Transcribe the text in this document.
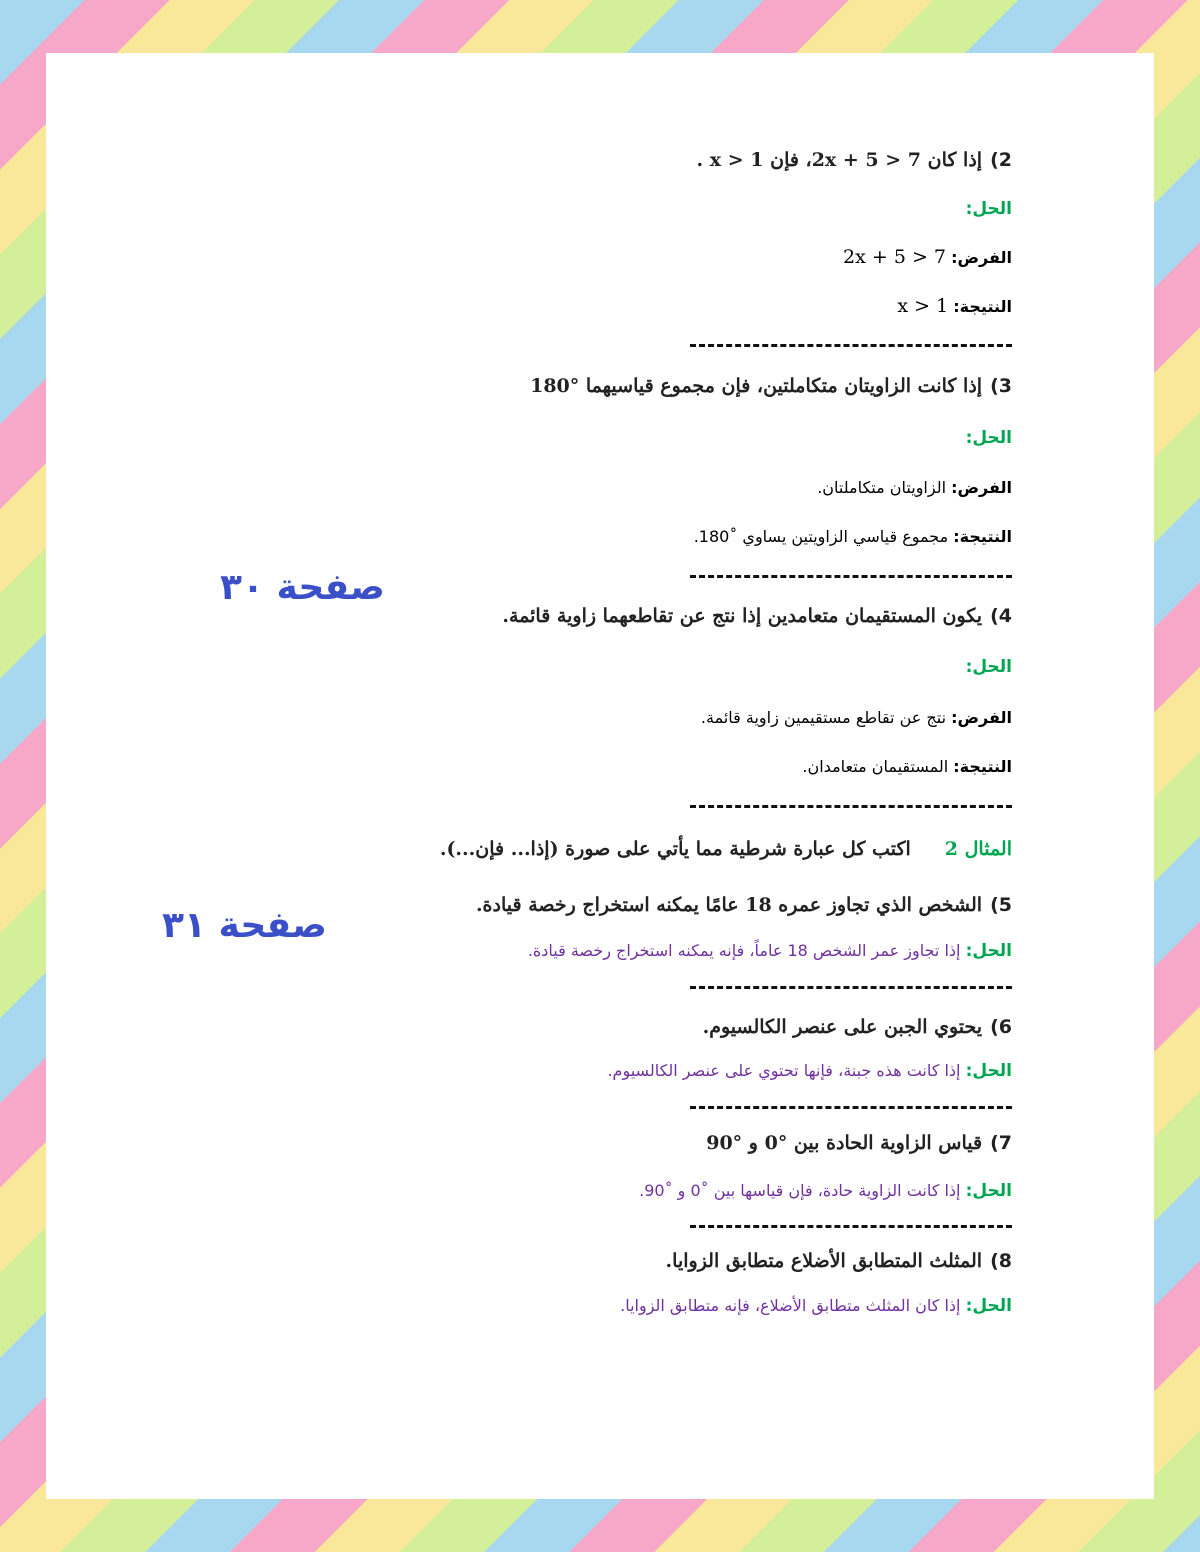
2)إذا كان 7 < 5 + 2x، فإن 1 < x .
الحل:
الفرض: 2x + 5 > 7
النتيجة: x > 1
3)إذا كانت الزاويتان متكاملتين، فإن مجموع قياسيهما °180
الحل:
الفرض: الزاويتان متكاملتان.
النتيجة: مجموع قياسي الزاويتين يساوي ˚180.
4)يكون المستقيمان متعامدين إذا نتج عن تقاطعهما زاوية قائمة.
الحل:
الفرض: نتج عن تقاطع مستقيمين زاوية قائمة.
النتيجة: المستقيمان متعامدان.
المثال 2اكتب كل عبارة شرطية مما يأتي على صورة (إذا... فإن...).
5)الشخص الذي تجاوز عمره 18 عامًا يمكنه استخراج رخصة قيادة.
الحل: إذا تجاوز عمر الشخص 18 عاماً، فإنه يمكنه استخراج رخصة قيادة.
6)يحتوي الجبن على عنصر الكالسيوم.
الحل: إذا كانت هذه جبنة، فإنها تحتوي على عنصر الكالسيوم.
7)قياس الزاوية الحادة بين °0 و °90
الحل: إذا كانت الزاوية حادة، فإن قياسها بين ˚0 و ˚90.
8)المثلث المتطابق الأضلاع متطابق الزوايا.
الحل: إذا كان المثلث متطابق الأضلاع، فإنه متطابق الزوايا.
صفحة ٣٠
صفحة ٣١
